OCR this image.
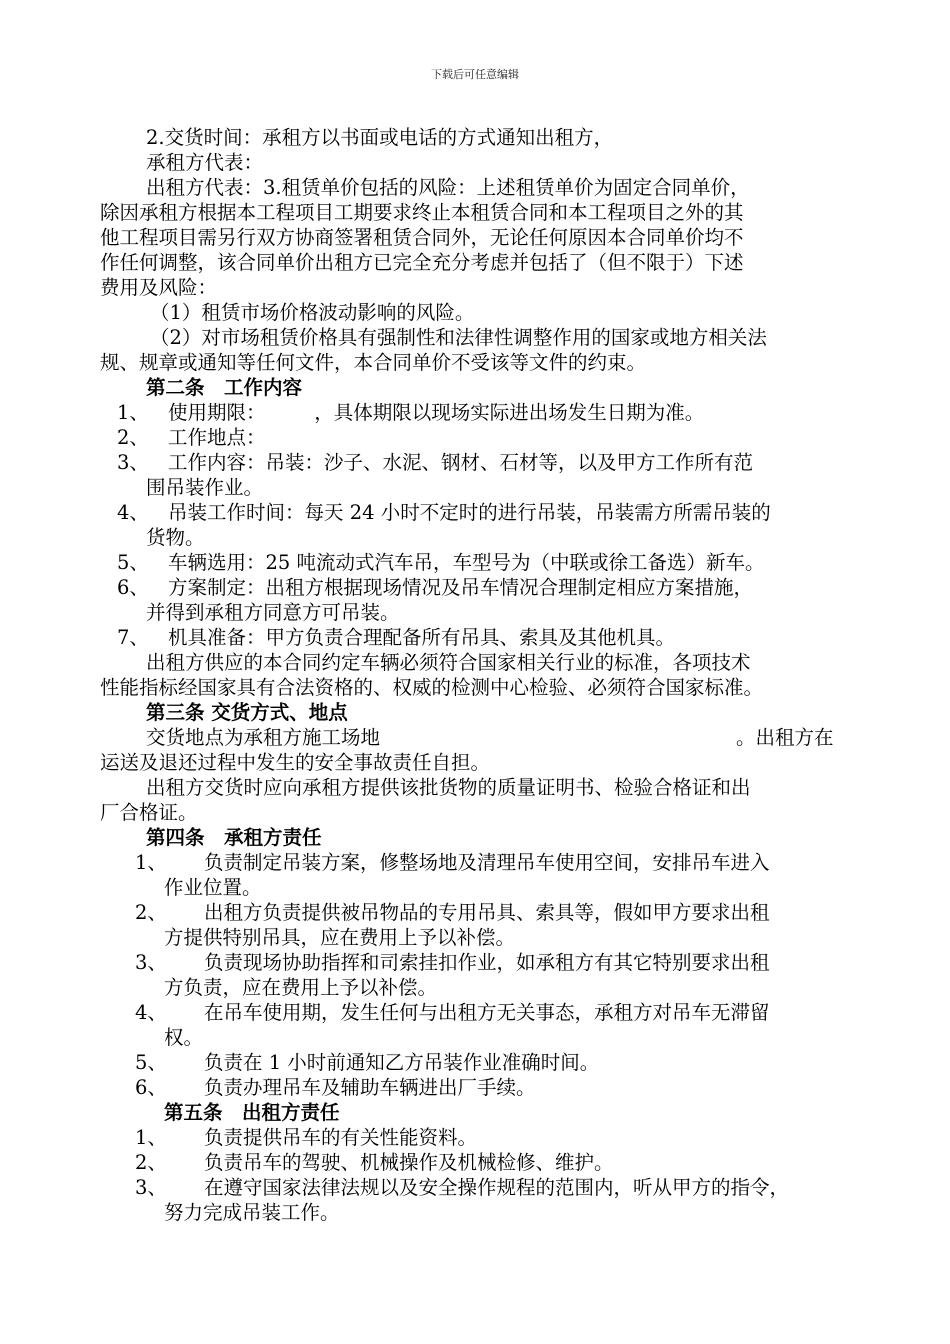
下载后可任意编辑
2.交货时间：承租方以书面或电话的方式通知出租方，
承租方代表：
出租方代表：3.租赁单价包括的风险：上述租赁单价为固定合同单价，
除因承租方根据本工程项目工期要求终止本租赁合同和本工程项目之外的其
他工程项目需另行双方协商签署租赁合同外，无论任何原因本合同单价均不
作任何调整，该合同单价出租方已完全充分考虑并包括了（但不限于）下述
费用及风险：
（1）租赁市场价格波动影响的风险。
（2）对市场租赁价格具有强制性和法律性调整作用的国家或地方相关法
规、规章或通知等任何文件，本合同单价不受该等文件的约束。
第二条　工作内容
1、 使用期限：　　　，具体期限以现场实际进出场发生日期为准。
2、 工作地点：
3、 工作内容：吊装：沙子、水泥、钢材、石材等，以及甲方工作所有范
围吊装作业。
4、 吊装工作时间：每天 24 小时不定时的进行吊装，吊装需方所需吊装的
货物。
5、 车辆选用：25 吨流动式汽车吊，车型号为（中联或徐工备选）新车。
6、 方案制定：出租方根据现场情况及吊车情况合理制定相应方案措施，
并得到承租方同意方可吊装。
7、 机具准备：甲方负责合理配备所有吊具、索具及其他机具。
出租方供应的本合同约定车辆必须符合国家相关行业的标准，各项技术
性能指标经国家具有合法资格的、权威的检测中心检验、必须符合国家标准。
第三条 交货方式、地点
交货地点为承租方施工场地	。出租方在
运送及退还过程中发生的安全事故责任自担。
出租方交货时应向承租方提供该批货物的质量证明书、检验合格证和出
厂合格证。
第四条　承租方责任
1、 负责制定吊装方案，修整场地及清理吊车使用空间，安排吊车进入
作业位置。
2、 出租方负责提供被吊物品的专用吊具、索具等，假如甲方要求出租
方提供特别吊具，应在费用上予以补偿。
3、 负责现场协助指挥和司索挂扣作业，如承租方有其它特别要求出租
方负责，应在费用上予以补偿。
4、 在吊车使用期，发生任何与出租方无关事态，承租方对吊车无滞留
权。
5、 负责在 1 小时前通知乙方吊装作业准确时间。
6、 负责办理吊车及辅助车辆进出厂手续。
第五条　出租方责任
1、 负责提供吊车的有关性能资料。
2、 负责吊车的驾驶、机械操作及机械检修、维护。
3、 在遵守国家法律法规以及安全操作规程的范围内，听从甲方的指令，
努力完成吊装工作。
